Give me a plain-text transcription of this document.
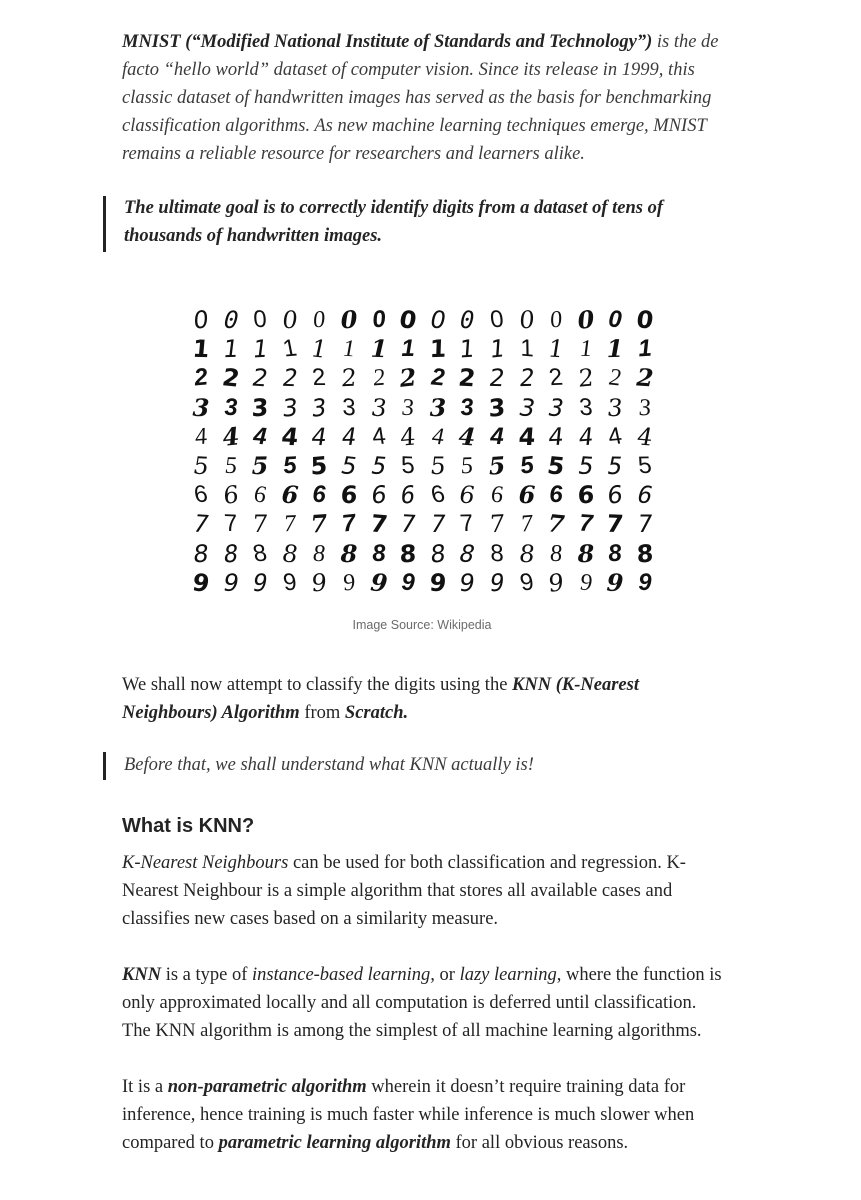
MNIST (“Modified National Institute of Standards and Technology”) is the de facto “hello world” dataset of computer vision. Since its release in 1999, this classic dataset of handwritten images has served as the basis for benchmarking classification algorithms. As new machine learning techniques emerge, MNIST remains a reliable resource for researchers and learners alike.

The ultimate goal is to correctly identify digits from a dataset of tens of thousands of handwritten images.
0 0 0 0 0 0 0 0 0 0 0 0 0 0 0 0
1 1 1 1 1 1 1 1 1 1 1 1 1 1 1 1
2 2 2 2 2 2 2 2 2 2 2 2 2 2 2 2
3 3 3 3 3 3 3 3 3 3 3 3 3 3 3 3
4 4 4 4 4 4 4 4 4 4 4 4 4 4 4 4
5 5 5 5 5 5 5 5 5 5 5 5 5 5 5 5
6 6 6 6 6 6 6 6 6 6 6 6 6 6 6 6
7 7 7 7 7 7 7 7 7 7 7 7 7 7 7 7
8 8 8 8 8 8 8 8 8 8 8 8 8 8 8 8
9 9 9 9 9 9 9 9 9 9 9 9 9 9 9 9
Image Source: Wikipedia

We shall now attempt to classify the digits using the KNN (K-Nearest Neighbours) Algorithm from Scratch.

Before that, we shall understand what KNN actually is!
What is KNN?

K-Nearest Neighbours can be used for both classification and regression. K-Nearest Neighbour is a simple algorithm that stores all available cases and classifies new cases based on a similarity measure.

KNN is a type of instance-based learning, or lazy learning, where the function is only approximated locally and all computation is deferred until classification. The KNN algorithm is among the simplest of all machine learning algorithms.

It is a non-parametric algorithm wherein it doesn’t require training data for inference, hence training is much faster while inference is much slower when compared to parametric learning algorithm for all obvious reasons.
